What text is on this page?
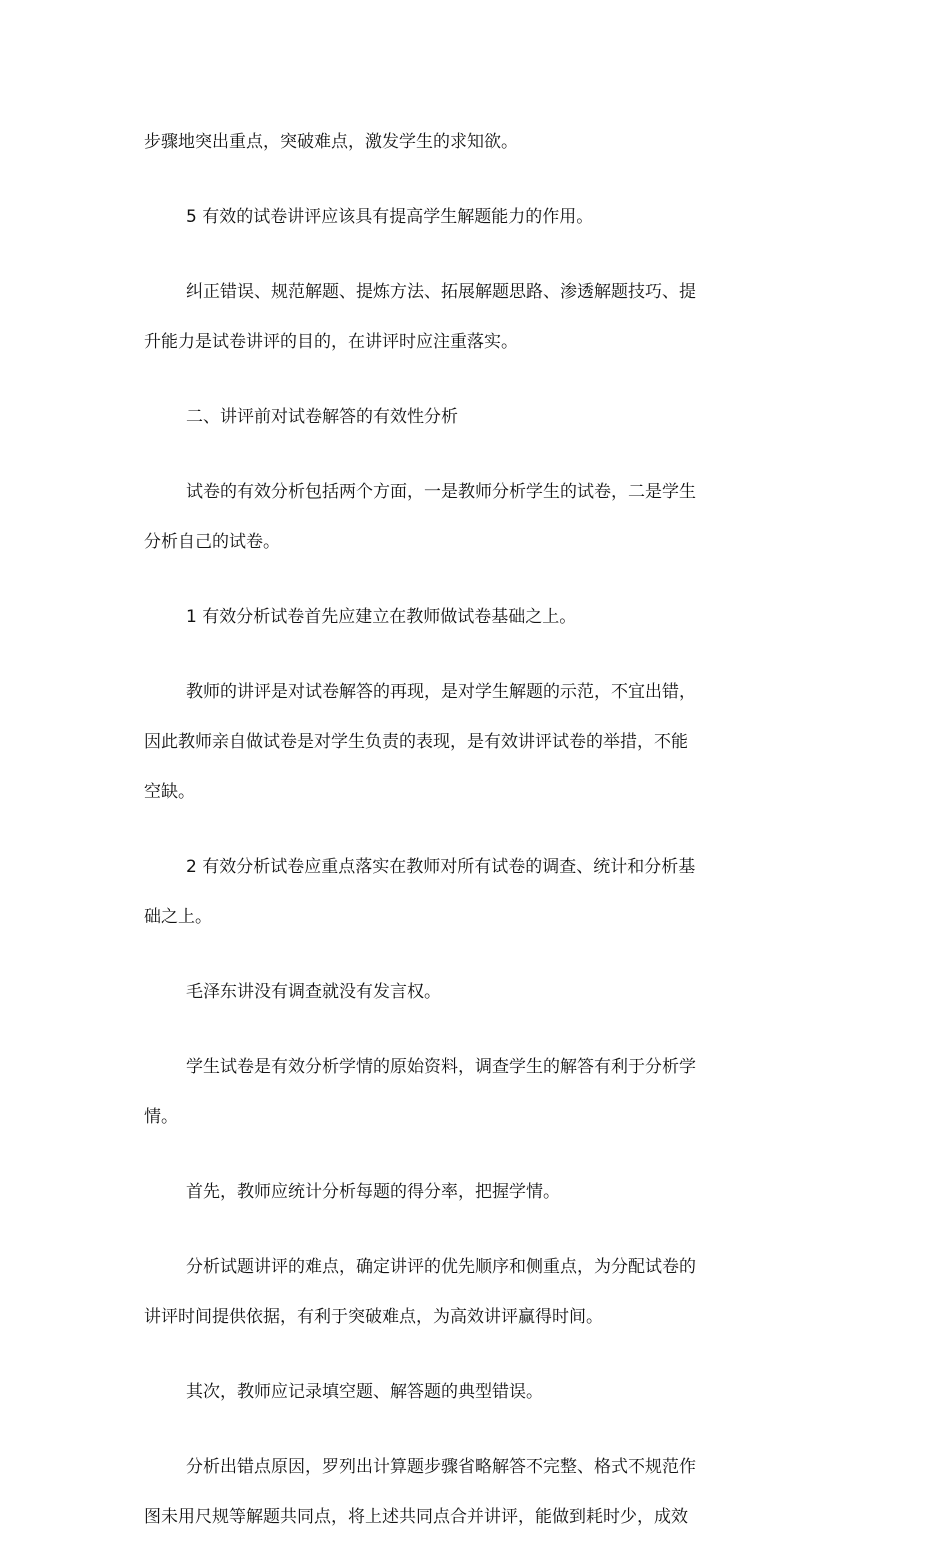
步骤地突出重点，突破难点，激发学生的求知欲。
5 有效的试卷讲评应该具有提高学生解题能力的作用。
纠正错误、规范解题、提炼方法、拓展解题思路、渗透解题技巧、提
升能力是试卷讲评的目的，在讲评时应注重落实。
二、讲评前对试卷解答的有效性分析
试卷的有效分析包括两个方面，一是教师分析学生的试卷，二是学生
分析自己的试卷。
1 有效分析试卷首先应建立在教师做试卷基础之上。
教师的讲评是对试卷解答的再现，是对学生解题的示范，不宜出错，
因此教师亲自做试卷是对学生负责的表现，是有效讲评试卷的举措，不能
空缺。
2 有效分析试卷应重点落实在教师对所有试卷的调查、统计和分析基
础之上。
毛泽东讲没有调查就没有发言权。
学生试卷是有效分析学情的原始资料，调查学生的解答有利于分析学
情。
首先，教师应统计分析每题的得分率，把握学情。
分析试题讲评的难点，确定讲评的优先顺序和侧重点，为分配试卷的
讲评时间提供依据，有利于突破难点，为高效讲评赢得时间。
其次，教师应记录填空题、解答题的典型错误。
分析出错点原因，罗列出计算题步骤省略解答不完整、格式不规范作
图未用尺规等解题共同点，将上述共同点合并讲评，能做到耗时少，成效
